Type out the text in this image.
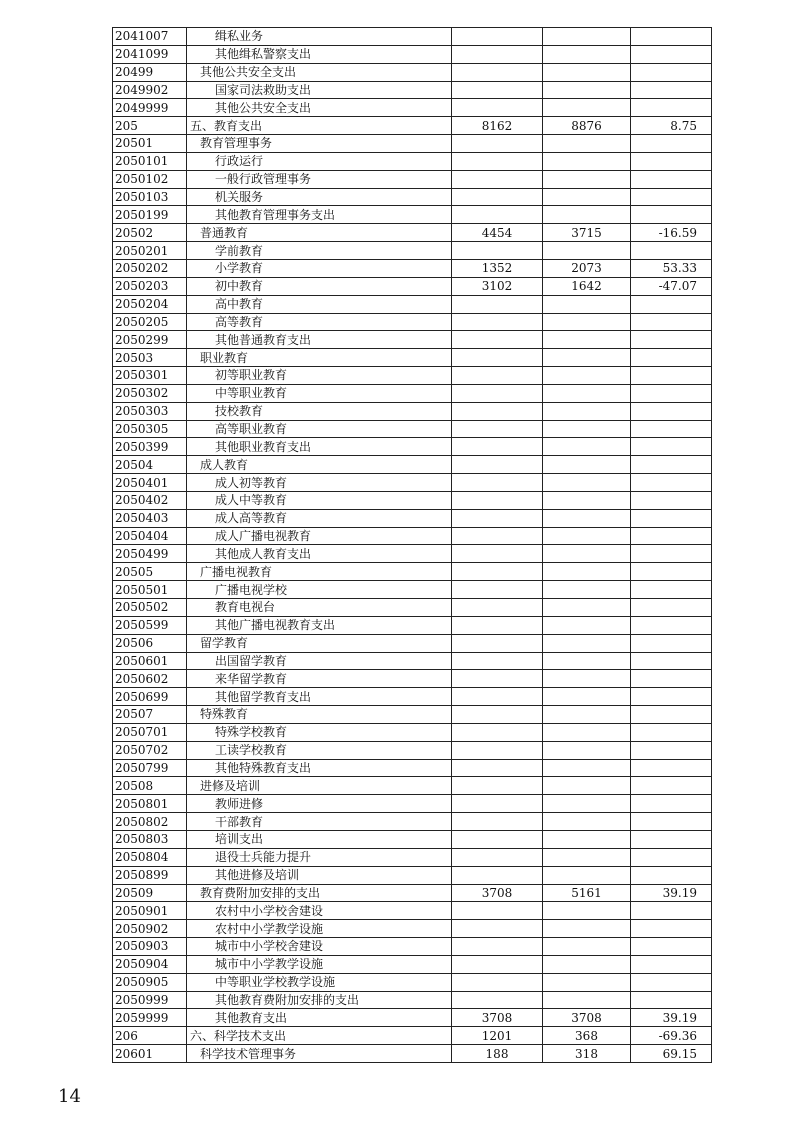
2041007	缉私业务			
2041099	其他缉私警察支出			
20499	其他公共安全支出			
2049902	国家司法救助支出			
2049999	其他公共安全支出			
205	五、教育支出	8162	8876	8.75
20501	教育管理事务			
2050101	行政运行			
2050102	一般行政管理事务			
2050103	机关服务			
2050199	其他教育管理事务支出			
20502	普通教育	4454	3715	-16.59
2050201	学前教育			
2050202	小学教育	1352	2073	53.33
2050203	初中教育	3102	1642	-47.07
2050204	高中教育			
2050205	高等教育			
2050299	其他普通教育支出			
20503	职业教育			
2050301	初等职业教育			
2050302	中等职业教育			
2050303	技校教育			
2050305	高等职业教育			
2050399	其他职业教育支出			
20504	成人教育			
2050401	成人初等教育			
2050402	成人中等教育			
2050403	成人高等教育			
2050404	成人广播电视教育			
2050499	其他成人教育支出			
20505	广播电视教育			
2050501	广播电视学校			
2050502	教育电视台			
2050599	其他广播电视教育支出			
20506	留学教育			
2050601	出国留学教育			
2050602	来华留学教育			
2050699	其他留学教育支出			
20507	特殊教育			
2050701	特殊学校教育			
2050702	工读学校教育			
2050799	其他特殊教育支出			
20508	进修及培训			
2050801	教师进修			
2050802	干部教育			
2050803	培训支出			
2050804	退役士兵能力提升			
2050899	其他进修及培训			
20509	教育费附加安排的支出	3708	5161	39.19
2050901	农村中小学校舍建设			
2050902	农村中小学教学设施			
2050903	城市中小学校舍建设			
2050904	城市中小学教学设施			
2050905	中等职业学校教学设施			
2050999	其他教育费附加安排的支出			
2059999	其他教育支出	3708	3708	39.19
206	六、科学技术支出	1201	368	-69.36
20601	科学技术管理事务	188	318	69.15
14
